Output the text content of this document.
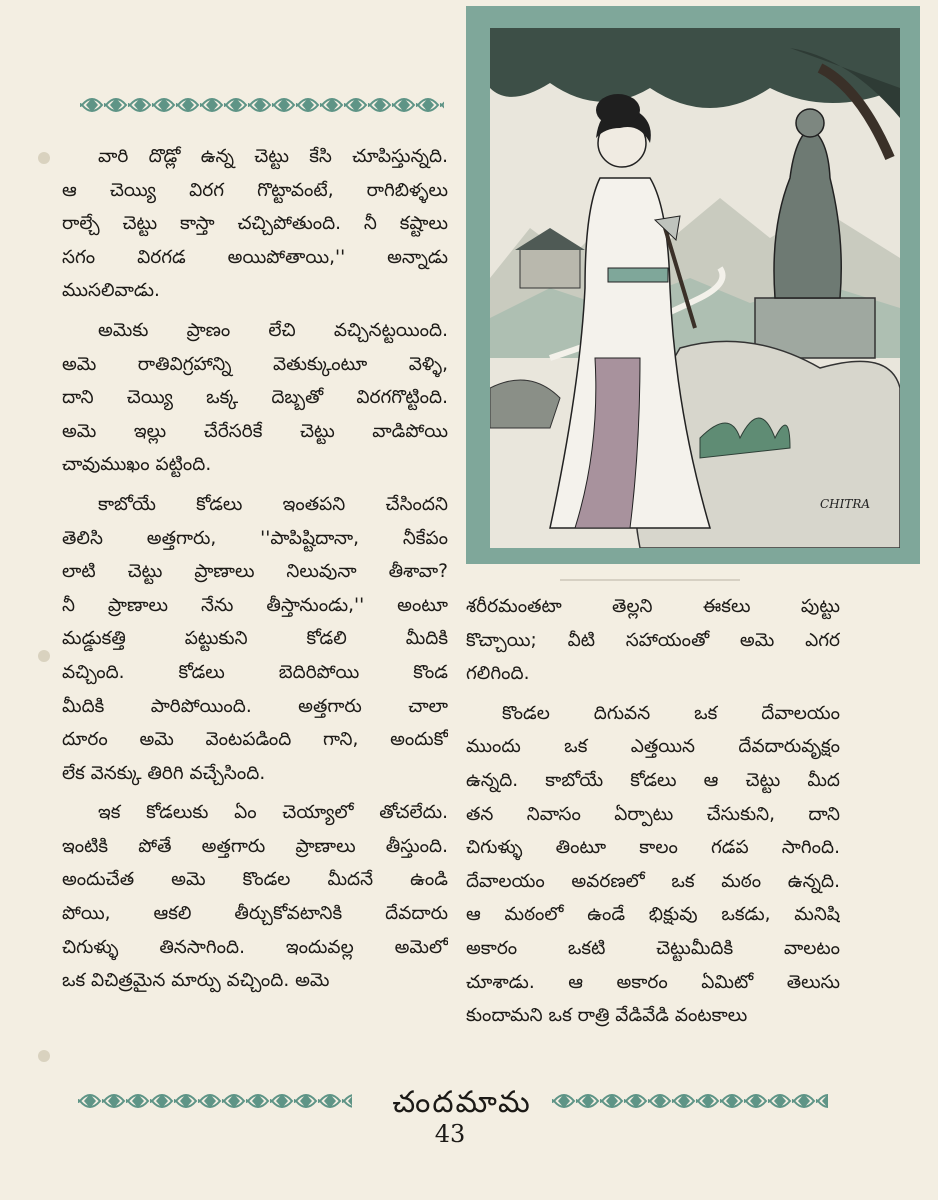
CHITRA

వారి దొడ్లో ఉన్న చెట్టు కేసి చూపిస్తున్నది.
ఆ చెయ్యి విరగ గొట్టావంటే, రాగిబిళ్ళలు
రాల్చే చెట్టు కాస్తా చచ్చిపోతుంది. నీ కష్టాలు
సగం విరగడ అయిపోతాయి,'' అన్నాడు
ముసలివాడు.

అమెకు ప్రాణం లేచి వచ్చినట్టయింది.
అమె రాతివిగ్రహాన్ని వెతుక్కుంటూ వెళ్ళి,
దాని చెయ్యి ఒక్క దెబ్బతో విరగగొట్టింది.
అమె ఇల్లు చేరేసరికే చెట్టు వాడిపోయి
చావుముఖం పట్టింది.

కాబోయే కోడలు ఇంతపని చేసిందని
తెలిసి అత్తగారు, ''పాపిష్టిదానా, నీకేపం
లాటి చెట్టు ప్రాణాలు నిలువునా తీశావా?
నీ ప్రాణాలు నేను తీస్తానుండు,'' అంటూ
మడ్డుకత్తి పట్టుకుని కోడలి మీదికి
వచ్చింది. కోడలు బెదిరిపోయి కొండ
మీదికి పారిపోయింది. అత్తగారు చాలా
దూరం అమె వెంటపడింది గాని, అందుకో
లేక వెనక్కు తిరిగి వచ్చేసింది.

ఇక కోడలుకు ఏం చెయ్యాలో తోచలేదు.
ఇంటికి పోతే అత్తగారు ప్రాణాలు తీస్తుంది.
అందుచేత అమె కొండల మీదనే ఉండి
పోయి, ఆకలి తీర్చుకోవటానికి దేవదారు
చిగుళ్ళు తినసాగింది. ఇందువల్ల అమెలో
ఒక విచిత్రమైన మార్పు వచ్చింది. అమె

శరీరమంతటా తెల్లని ఈకలు పుట్టు
కొచ్చాయి; వీటి సహాయంతో అమె ఎగర
గలిగింది.

కొండల దిగువన ఒక దేవాలయం
ముందు ఒక ఎత్తయిన దేవదారువృక్షం
ఉన్నది. కాబోయే కోడలు ఆ చెట్టు మీద
తన నివాసం ఏర్పాటు చేసుకుని, దాని
చిగుళ్ళు తింటూ కాలం గడప సాగింది.
దేవాలయం అవరణలో ఒక మఠం ఉన్నది.
ఆ మఠంలో ఉండే భిక్షువు ఒకడు, మనిషి
అకారం ఒకటి చెట్టుమీదికి వాలటం
చూశాడు. ఆ అకారం ఏమిటో తెలుసు
కుందామని ఒక రాత్రి వేడివేడి వంటకాలు

చందమామ
43
